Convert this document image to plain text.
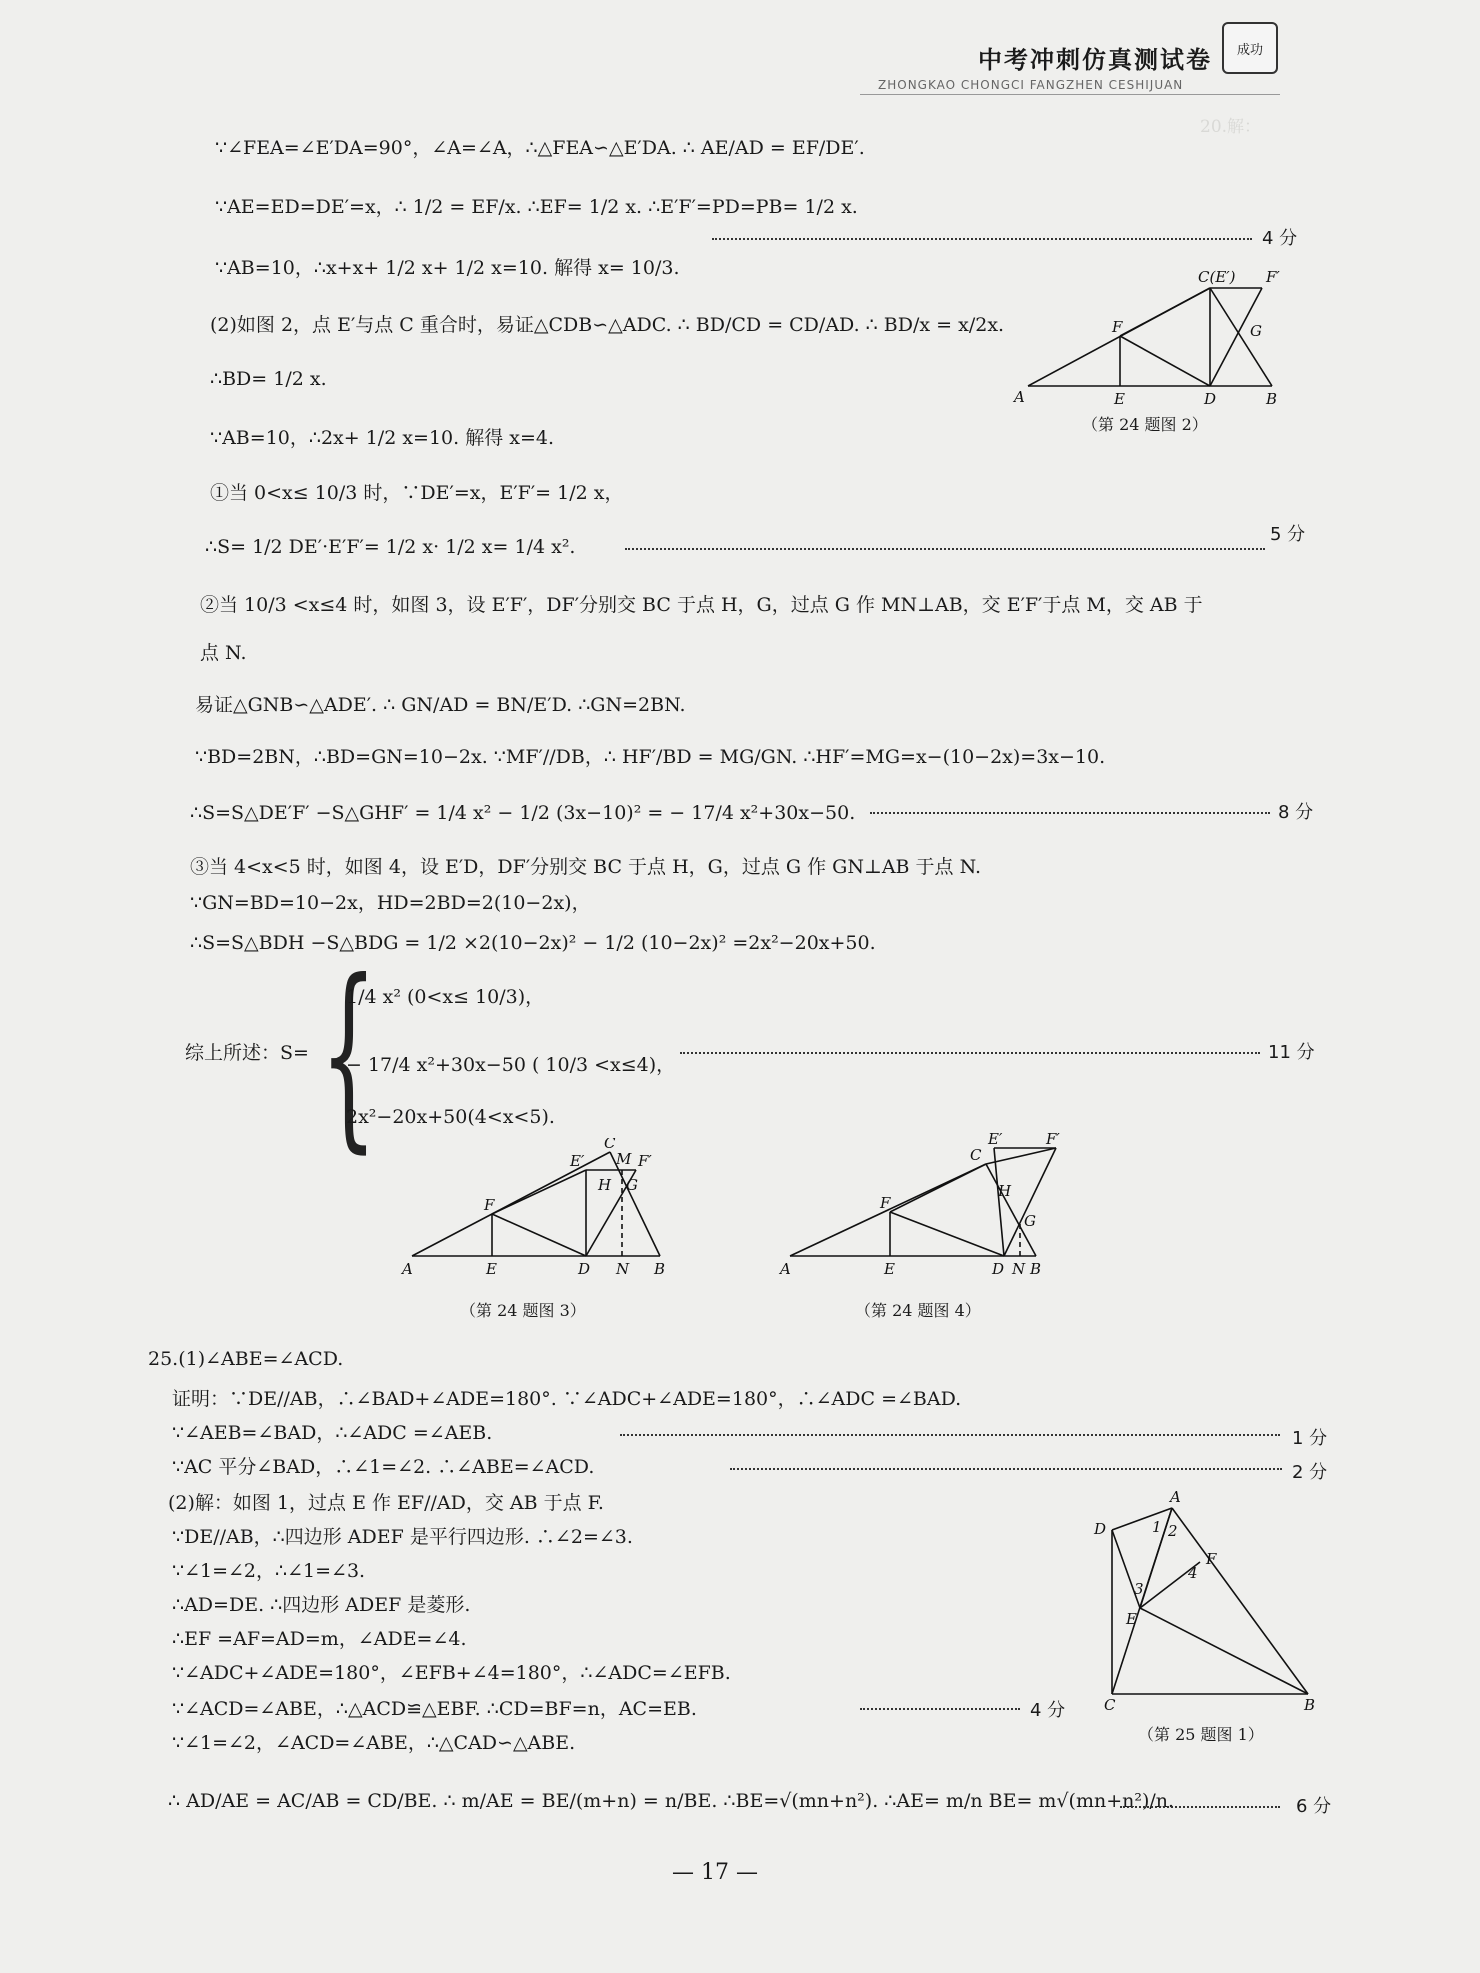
20.解：
中考冲刺仿真测试卷
ZHONGKAO CHONGCI FANGZHEN CESHIJUAN
成功
∵∠FEA=∠E′DA=90°，∠A=∠A，∴△FEA∽△E′DA. ∴ AE/AD = EF/DE′.
∵AE=ED=DE′=x，∴ 1/2 = EF/x. ∴EF= 1/2 x. ∴E′F′=PD=PB= 1/2 x.
∵AB=10，∴x+x+ 1/2 x+ 1/2 x=10. 解得 x= 10/3.
4 分
(2)如图 2，点 E′与点 C 重合时，易证△CDB∽△ADC. ∴ BD/CD = CD/AD. ∴ BD/x = x/2x.
∴BD= 1/2 x.
∵AB=10，∴2x+ 1/2 x=10. 解得 x=4.
C(E′) F′
F	G
A	E	D	B
（第 24 题图 2）
①当 0<x≤ 10/3 时，∵DE′=x，E′F′= 1/2 x，
∴S= 1/2 DE′·E′F′= 1/2 x· 1/2 x= 1/4 x².
5 分
②当 10/3 <x≤4 时，如图 3，设 E′F′，DF′分别交 BC 于点 H，G，过点 G 作 MN⊥AB，交 E′F′于点 M，交 AB 于
点 N.
易证△GNB∽△ADE′. ∴ GN/AD = BN/E′D. ∴GN=2BN.
∵BD=2BN，∴BD=GN=10−2x. ∵MF′//DB，∴ HF′/BD = MG/GN. ∴HF′=MG=x−(10−2x)=3x−10.
∴S=S△DE′F′ −S△GHF′ = 1/4 x² − 1/2 (3x−10)² = − 17/4 x²+30x−50.	8 分
③当 4<x<5 时，如图 4，设 E′D，DF′分别交 BC 于点 H，G，过点 G 作 GN⊥AB 于点 N.
∵GN=BD=10−2x，HD=2BD=2(10−2x)，
∴S=S△BDH −S△BDG = 1/2 ×2(10−2x)² − 1/2 (10−2x)² =2x²−20x+50.
综上所述：S= {
1/4 x² (0<x≤ 10/3)，
− 17/4 x²+30x−50 ( 10/3 <x≤4)，
2x²−20x+50(4<x<5).
11 分
C
M
E′	F′
H G
F
A	E	D N B
（第 24 题图 3）
C
E′	F′
H
G
F
A	E	D N B
（第 24 题图 4）
25.(1)∠ABE=∠ACD.
证明：∵DE//AB，∴∠BAD+∠ADE=180°. ∵∠ADC+∠ADE=180°，∴∠ADC =∠BAD.
∵∠AEB=∠BAD，∴∠ADC =∠AEB.	1 分
∵AC 平分∠BAD，∴∠1=∠2. ∴∠ABE=∠ACD.	2 分
(2)解：如图 1，过点 E 作 EF//AD，交 AB 于点 F.
∵DE//AB，∴四边形 ADEF 是平行四边形. ∴∠2=∠3.
∵∠1=∠2，∴∠1=∠3.
∴AD=DE. ∴四边形 ADEF 是菱形.
∴EF =AF=AD=m，∠ADE=∠4.
∵∠ADC+∠ADE=180°，∠EFB+∠4=180°，∴∠ADC=∠EFB.
∵∠ACD=∠ABE，∴△ACD≌△EBF. ∴CD=BF=n，AC=EB.	4 分
∵∠1=∠2，∠ACD=∠ABE，∴△CAD∽△ABE.
∴ AD/AE = AC/AB = CD/BE. ∴ m/AE = BE/(m+n) = n/BE. ∴BE=√(mn+n²). ∴AE= m/n BE= m√(mn+n²)/n.	6 分
A
D	1 2
3
4
F
E
C	B
（第 25 题图 1）
— 17 —
